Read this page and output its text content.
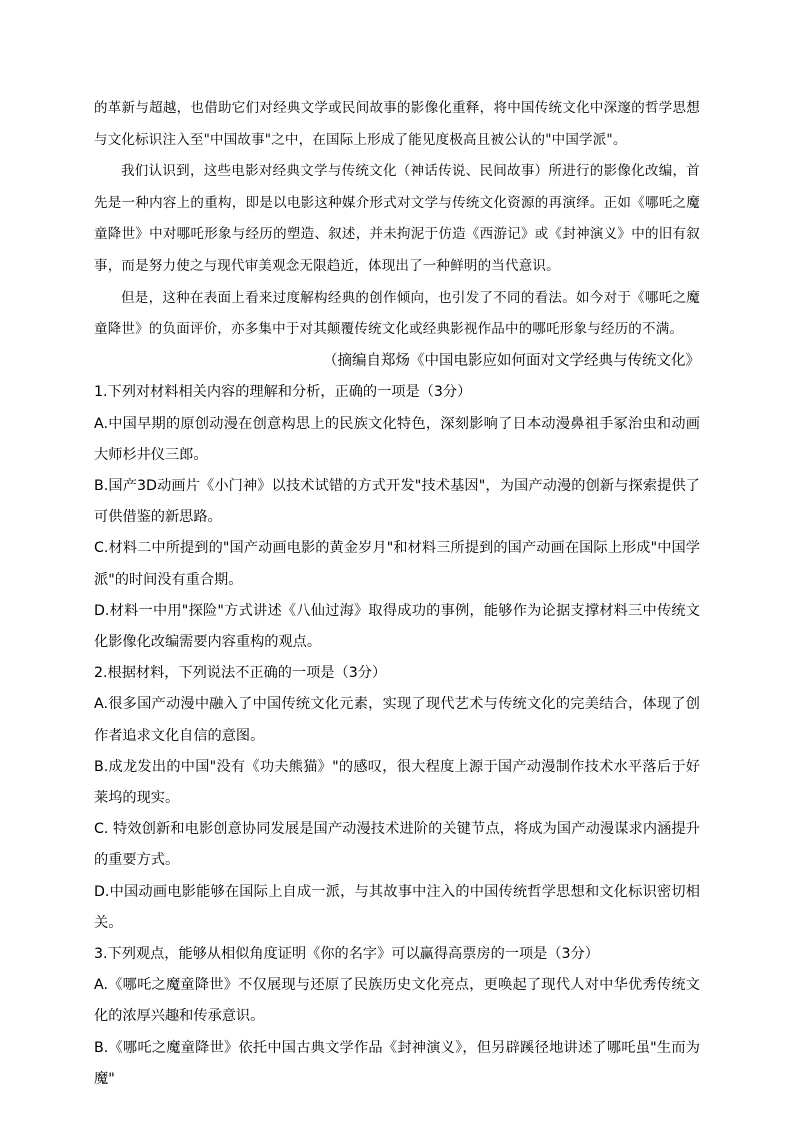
的革新与超越，也借助它们对经典文学或民间故事的影像化重释，将中国传统文化中深邃的哲学思想与文化标识注入至"中国故事"之中，在国际上形成了能见度极高且被公认的"中国学派"。

我们认识到，这些电影对经典文学与传统文化（神话传说、民间故事）所进行的影像化改编，首先是一种内容上的重构，即是以电影这种媒介形式对文学与传统文化资源的再演绎。正如《哪吒之魔童降世》中对哪吒形象与经历的塑造、叙述，并未拘泥于仿造《西游记》或《封神演义》中的旧有叙事，而是努力使之与现代审美观念无限趋近，体现出了一种鲜明的当代意识。

但是，这种在表面上看来过度解构经典的创作倾向，也引发了不同的看法。如今对于《哪吒之魔童降世》的负面评价，亦多集中于对其颠覆传统文化或经典影视作品中的哪吒形象与经历的不满。

（摘编自郑炀《中国电影应如何面对文学经典与传统文化》

1.下列对材料相关内容的理解和分析，正确的一项是（3分）

A.中国早期的原创动漫在创意构思上的民族文化特色，深刻影响了日本动漫鼻祖手冢治虫和动画大师杉井仪三郎。

B.国产3D动画片《小门神》以技术试错的方式开发"技术基因"，为国产动漫的创新与探索提供了可供借鉴的新思路。

C.材料二中所提到的"国产动画电影的黄金岁月"和材料三所提到的国产动画在国际上形成"中国学派"的时间没有重合期。

D.材料一中用"探险"方式讲述《八仙过海》取得成功的事例，能够作为论据支撑材料三中传统文化影像化改编需要内容重构的观点。

2.根据材料，下列说法不正确的一项是（3分）

A.很多国产动漫中融入了中国传统文化元素，实现了现代艺术与传统文化的完美结合，体现了创作者追求文化自信的意图。

B.成龙发出的中国"没有《功夫熊猫》"的感叹，很大程度上源于国产动漫制作技术水平落后于好莱坞的现实。

C. 特效创新和电影创意协同发展是国产动漫技术进阶的关键节点，将成为国产动漫谋求内涵提升的重要方式。

D.中国动画电影能够在国际上自成一派，与其故事中注入的中国传统哲学思想和文化标识密切相关。

3.下列观点，能够从相似角度证明《你的名字》可以赢得高票房的一项是（3分）

A.《哪吒之魔童降世》不仅展现与还原了民族历史文化亮点，更唤起了现代人对中华优秀传统文化的浓厚兴趣和传承意识。

B.《哪吒之魔童降世》依托中国古典文学作品《封神演义》，但另辟蹊径地讲述了哪吒虽"生而为魔"
